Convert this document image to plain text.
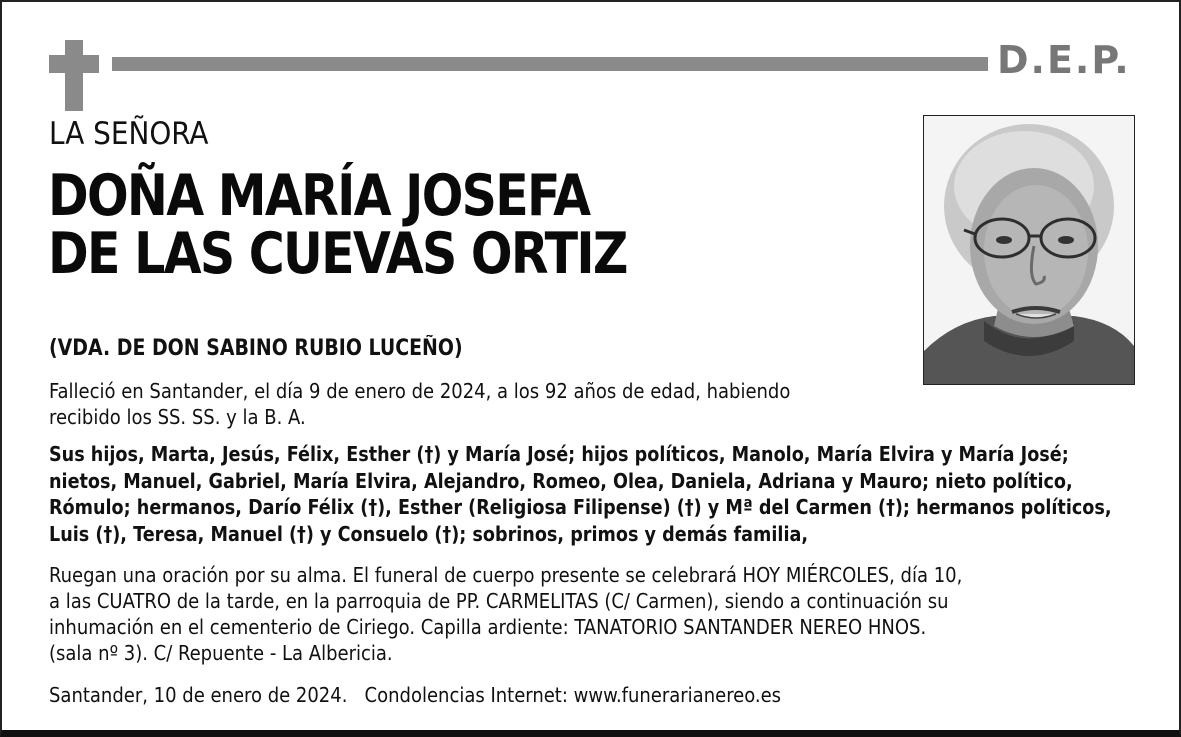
D.E.P.
LA SEÑORA
DOÑA MARÍA JOSEFA
DE LAS CUEVAS ORTIZ
(VDA. DE DON SABINO RUBIO LUCEÑO)
Falleció en Santander, el día 9 de enero de 2024, a los 92 años de edad, habiendo
recibido los SS. SS. y la B. A.
Sus hijos, Marta, Jesús, Félix, Esther (†) y María José; hijos políticos, Manolo, María Elvira y María José;
nietos, Manuel, Gabriel, María Elvira, Alejandro, Romeo, Olea, Daniela, Adriana y Mauro; nieto político,
Rómulo; hermanos, Darío Félix (†), Esther (Religiosa Filipense) (†) y Mª del Carmen (†); hermanos políticos,
Luis (†), Teresa, Manuel (†) y Consuelo (†); sobrinos, primos y demás familia,
Ruegan una oración por su alma. El funeral de cuerpo presente se celebrará HOY MIÉRCOLES, día 10,
a las CUATRO de la tarde, en la parroquia de PP. CARMELITAS (C/ Carmen), siendo a continuación su
inhumación en el cementerio de Ciriego. Capilla ardiente: TANATORIO SANTANDER NEREO HNOS.
(sala nº 3). C/ Repuente - La Albericia.
Santander, 10 de enero de 2024.   Condolencias Internet: www.funerarianereo.es
